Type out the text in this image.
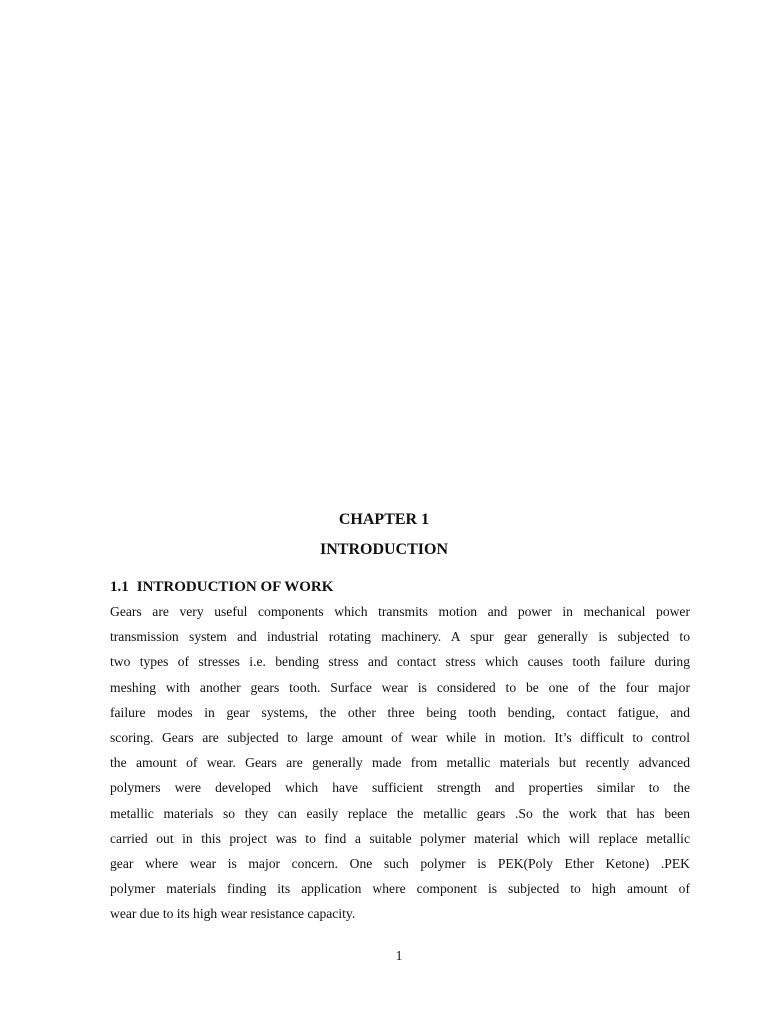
CHAPTER 1
INTRODUCTION
1.1 INTRODUCTION OF WORK
Gears are very useful components which transmits motion and power in mechanical power
transmission system and industrial rotating machinery. A spur gear generally is subjected to
two types of stresses i.e. bending stress and contact stress which causes tooth failure during
meshing with another gears tooth. Surface wear is considered to be one of the four major
failure modes in gear systems, the other three being tooth bending, contact fatigue, and
scoring. Gears are subjected to large amount of wear while in motion. It’s difficult to control
the amount of wear. Gears are generally made from metallic materials but recently advanced
polymers were developed which have sufficient strength and properties similar to the
metallic materials so they can easily replace the metallic gears .So the work that has been
carried out in this project was to find a suitable polymer material which will replace metallic
gear where wear is major concern. One such polymer is PEK(Poly Ether Ketone) .PEK
polymer materials finding its application where component is subjected to high amount of
wear due to its high wear resistance capacity.
1
